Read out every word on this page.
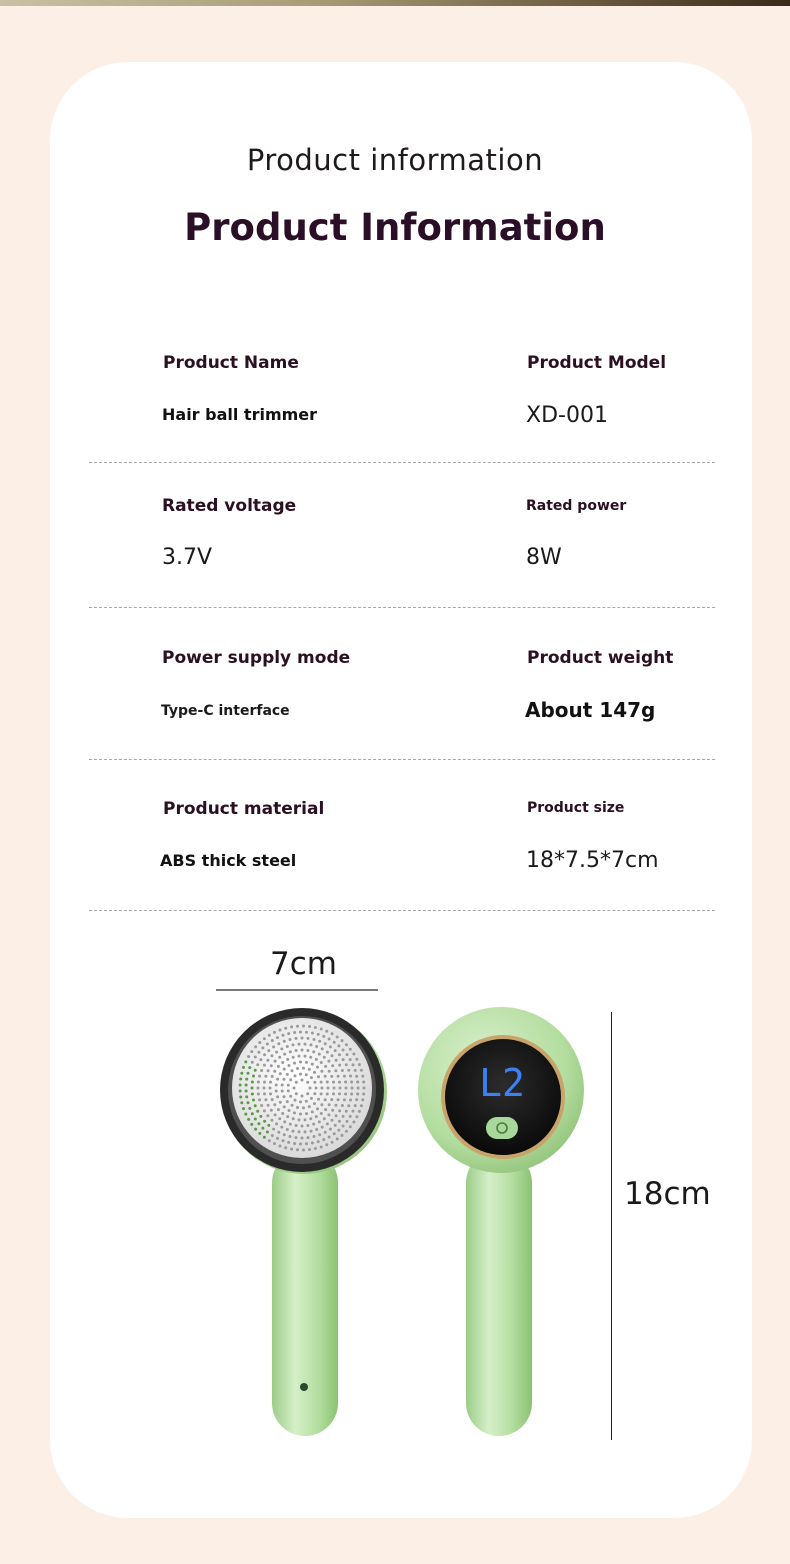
Product information
Product Information
Product Name
Hair ball trimmer
Product Model
XD-001
Rated voltage
3.7V
Rated power
8W
Power supply mode
Type-C interface
Product weight
About 147g
Product material
ABS thick steel
Product size
18*7.5*7cm
7cm
18cm
L2
